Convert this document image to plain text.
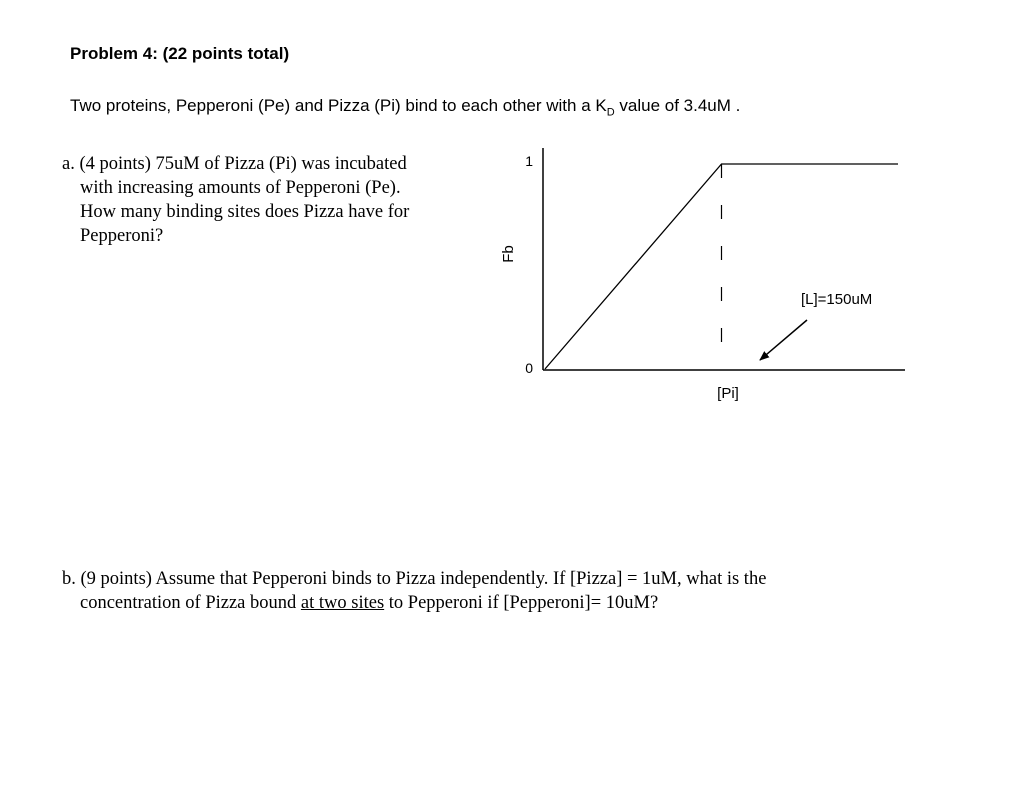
Problem 4: (22 points total)
Two proteins, Pepperoni (Pe) and Pizza (Pi) bind to each other with a $K_D$ value of 3.4uM .
a. (4 points) 75uM of Pizza (Pi) was incubated
with increasing amounts of Pepperoni (Pe).
How many binding sites does Pizza have for
Pepperoni?
1
0
Fb
[Pi]
[L]=150uM
b. (9 points) Assume that Pepperoni binds to Pizza independently. If [Pizza] = 1uM, what is the
concentration of Pizza bound at two sites to Pepperoni if [Pepperoni]= 10uM?
